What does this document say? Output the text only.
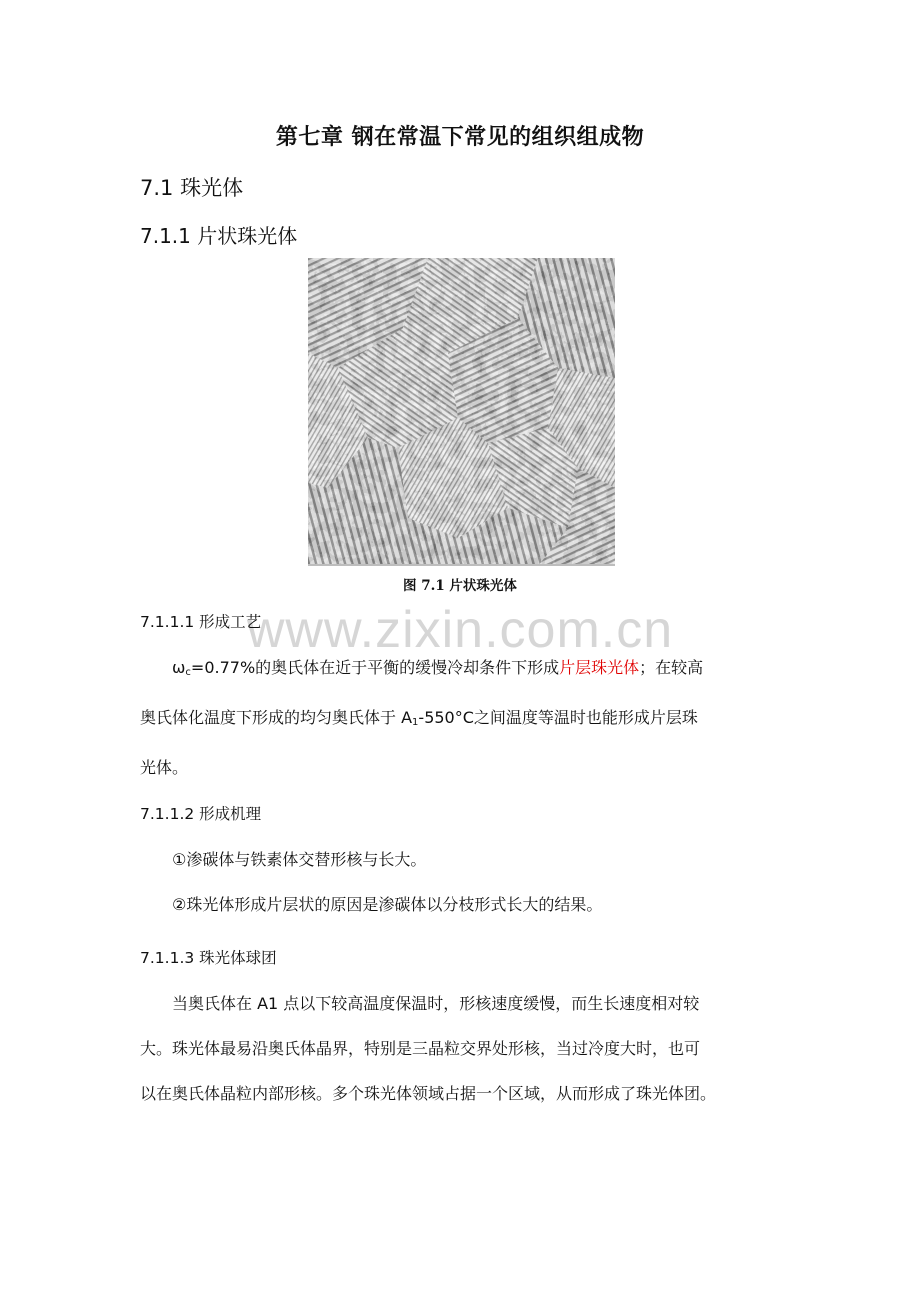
第七章 钢在常温下常见的组织组成物
7.1 珠光体
7.1.1 片状珠光体
图 7.1 片状珠光体
www.zixin.com.cn
7.1.1.1 形成工艺
$\omega_c=0.77\%$的奥氏体在近于平衡的缓慢冷却条件下形成片层珠光体；在较高
奥氏体化温度下形成的均匀奥氏体于 $A_1-550^\circ C$之间温度等温时也能形成片层珠
光体。
7.1.1.2 形成机理
①渗碳体与铁素体交替形核与长大。
②珠光体形成片层状的原因是渗碳体以分枝形式长大的结果。
7.1.1.3 珠光体球团
当奥氏体在 A1 点以下较高温度保温时，形核速度缓慢，而生长速度相对较
大。珠光体最易沿奥氏体晶界，特别是三晶粒交界处形核，当过冷度大时，也可
以在奥氏体晶粒内部形核。多个珠光体领域占据一个区域，从而形成了珠光体团。
